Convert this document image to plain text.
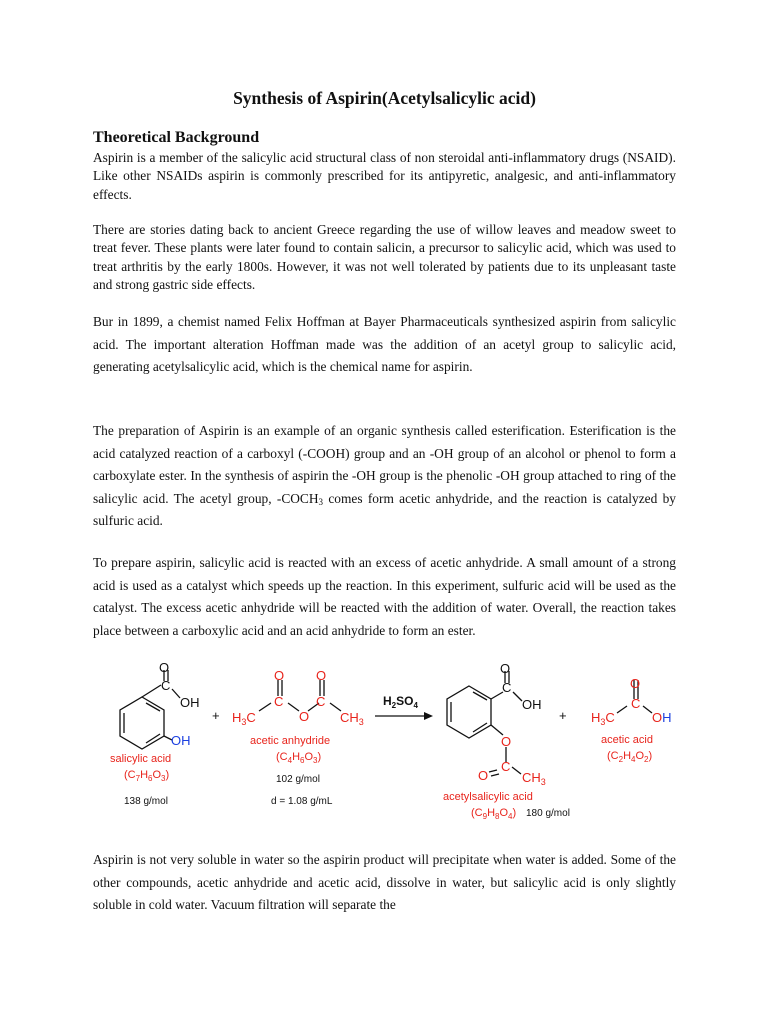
Synthesis of Aspirin(Acetylsalicylic acid)
Theoretical Background

Aspirin is a member of the salicylic acid structural class of non steroidal anti-inflammatory drugs (NSAID). Like other NSAIDs aspirin is commonly prescribed for its antipyretic, analgesic, and anti-inflammatory effects.

There are stories dating back to ancient Greece regarding the use of willow leaves and meadow sweet to treat fever. These plants were later found to contain salicin, a precursor to salicylic acid, which was used to treat arthritis by the early 1800s. However, it was not well tolerated by patients due to its unpleasant taste and strong gastric side effects.

Bur in 1899, a chemist named Felix Hoffman at Bayer Pharmaceuticals synthesized aspirin from salicylic acid. The important alteration Hoffman made was the addition of an acetyl group to salicylic acid, generating acetylsalicylic acid, which is the chemical name for aspirin.

The preparation of Aspirin is an example of an organic synthesis called esterification. Esterification is the acid catalyzed reaction of a carboxyl (-COOH) group and an -OH group of an alcohol or phenol to form a carboxylate ester. In the synthesis of aspirin the -OH group is the phenolic -OH group attached to ring of the salicylic acid. The acetyl group, $-COCH_3$ comes form acetic anhydride, and the reaction is catalyzed by sulfuric acid.

To prepare aspirin, salicylic acid is reacted with an excess of acetic anhydride. A small amount of a strong acid is used as a catalyst which speeds up the reaction. In this experiment, sulfuric acid will be used as the catalyst. The excess acetic anhydride will be reacted with the addition of water. Overall, the reaction takes place between a carboxylic acid and an acid anhydride to form an ester.

Aspirin is not very soluble in water so the aspirin product will precipitate when water is added. Some of the other compounds, acetic anhydride and acetic acid, dissolve in water, but salicylic acid is only slightly soluble in cold water. Vacuum filtration will separate the

O
C
OH
OH
+ $H_3C$
O
C
O
O
C
$CH_3$
$H_2SO_4$
O
C
OH
O
O
C
$CH_3$
+ $H_3C$
O
C
OH
salicylic acid
$(C_7H_6O_3)$
acetic anhydride
$(C_4H_6O_3)$
acetylsalicylic acid
$(C_9H_8O_4)$
acetic acid
$(C_2H_4O_2)$
138 g/mol
102 g/mol
d = 1.08 g/mL
180 g/mol
